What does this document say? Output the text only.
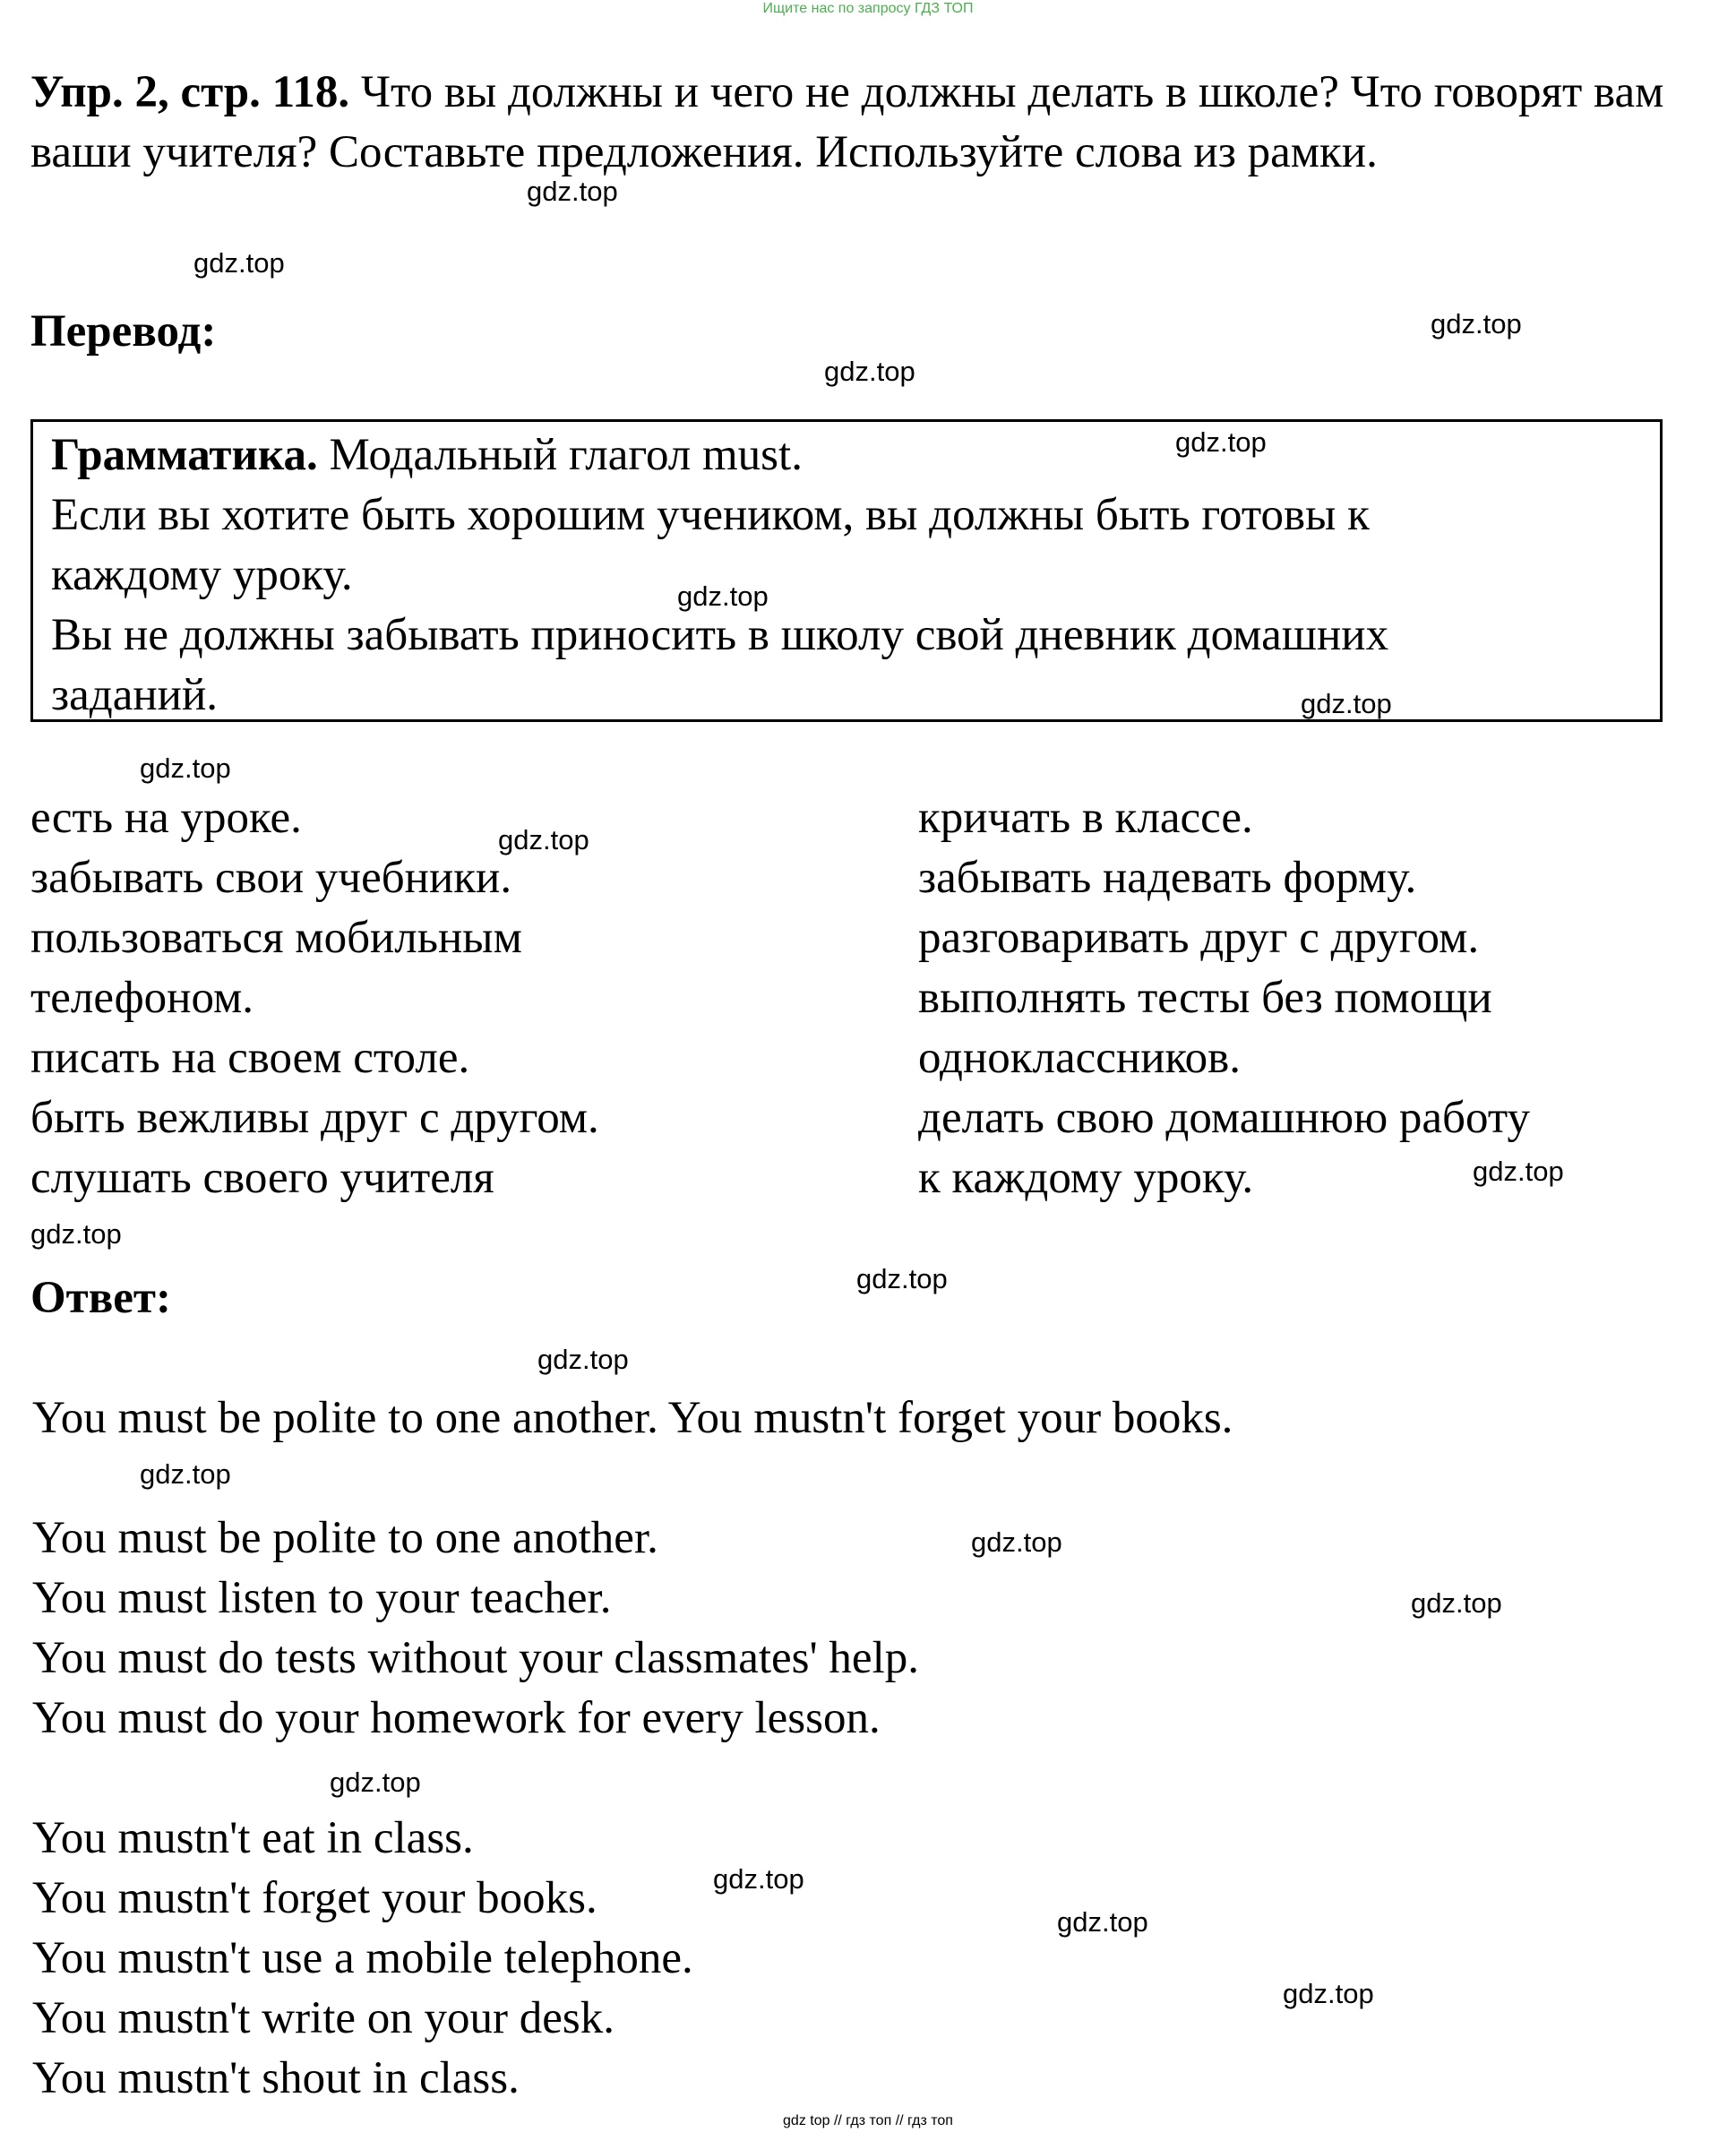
Ищите нас по запросу ГДЗ ТОП
Упр. 2, стр. 118. Что вы должны и чего не должны делать в школе? Что говорят вам ваши учителя? Составьте предложения. Используйте слова из рамки.
Перевод:
Грамматика. Модальный глагол must.
Если вы хотите быть хорошим учеником, вы должны быть готовы к
каждому уроку.
Вы не должны забывать приносить в школу свой дневник домашних
заданий.
есть на уроке.
забывать свои учебники.
пользоваться мобильным
телефоном.
писать на своем столе.
быть вежливы друг с другом.
слушать своего учителя
кричать в классе.
забывать надевать форму.
разговаривать друг с другом.
выполнять тесты без помощи
одноклассников.
делать свою домашнюю работу
к каждому уроку.
Ответ:
You must be polite to one another. You mustn't forget your books.
You must be polite to one another.
You must listen to your teacher.
You must do tests without your classmates' help.
You must do your homework for every lesson.
You mustn't eat in class.
You mustn't forget your books.
You mustn't use a mobile telephone.
You mustn't write on your desk.
You mustn't shout in class.
gdz.top
gdz.top
gdz.top
gdz.top
gdz.top
gdz.top
gdz.top
gdz.top
gdz.top
gdz.top
gdz.top
gdz.top
gdz.top
gdz.top
gdz.top
gdz.top
gdz.top
gdz.top
gdz.top
gdz.top
gdz top // гдз топ // гдз топ
